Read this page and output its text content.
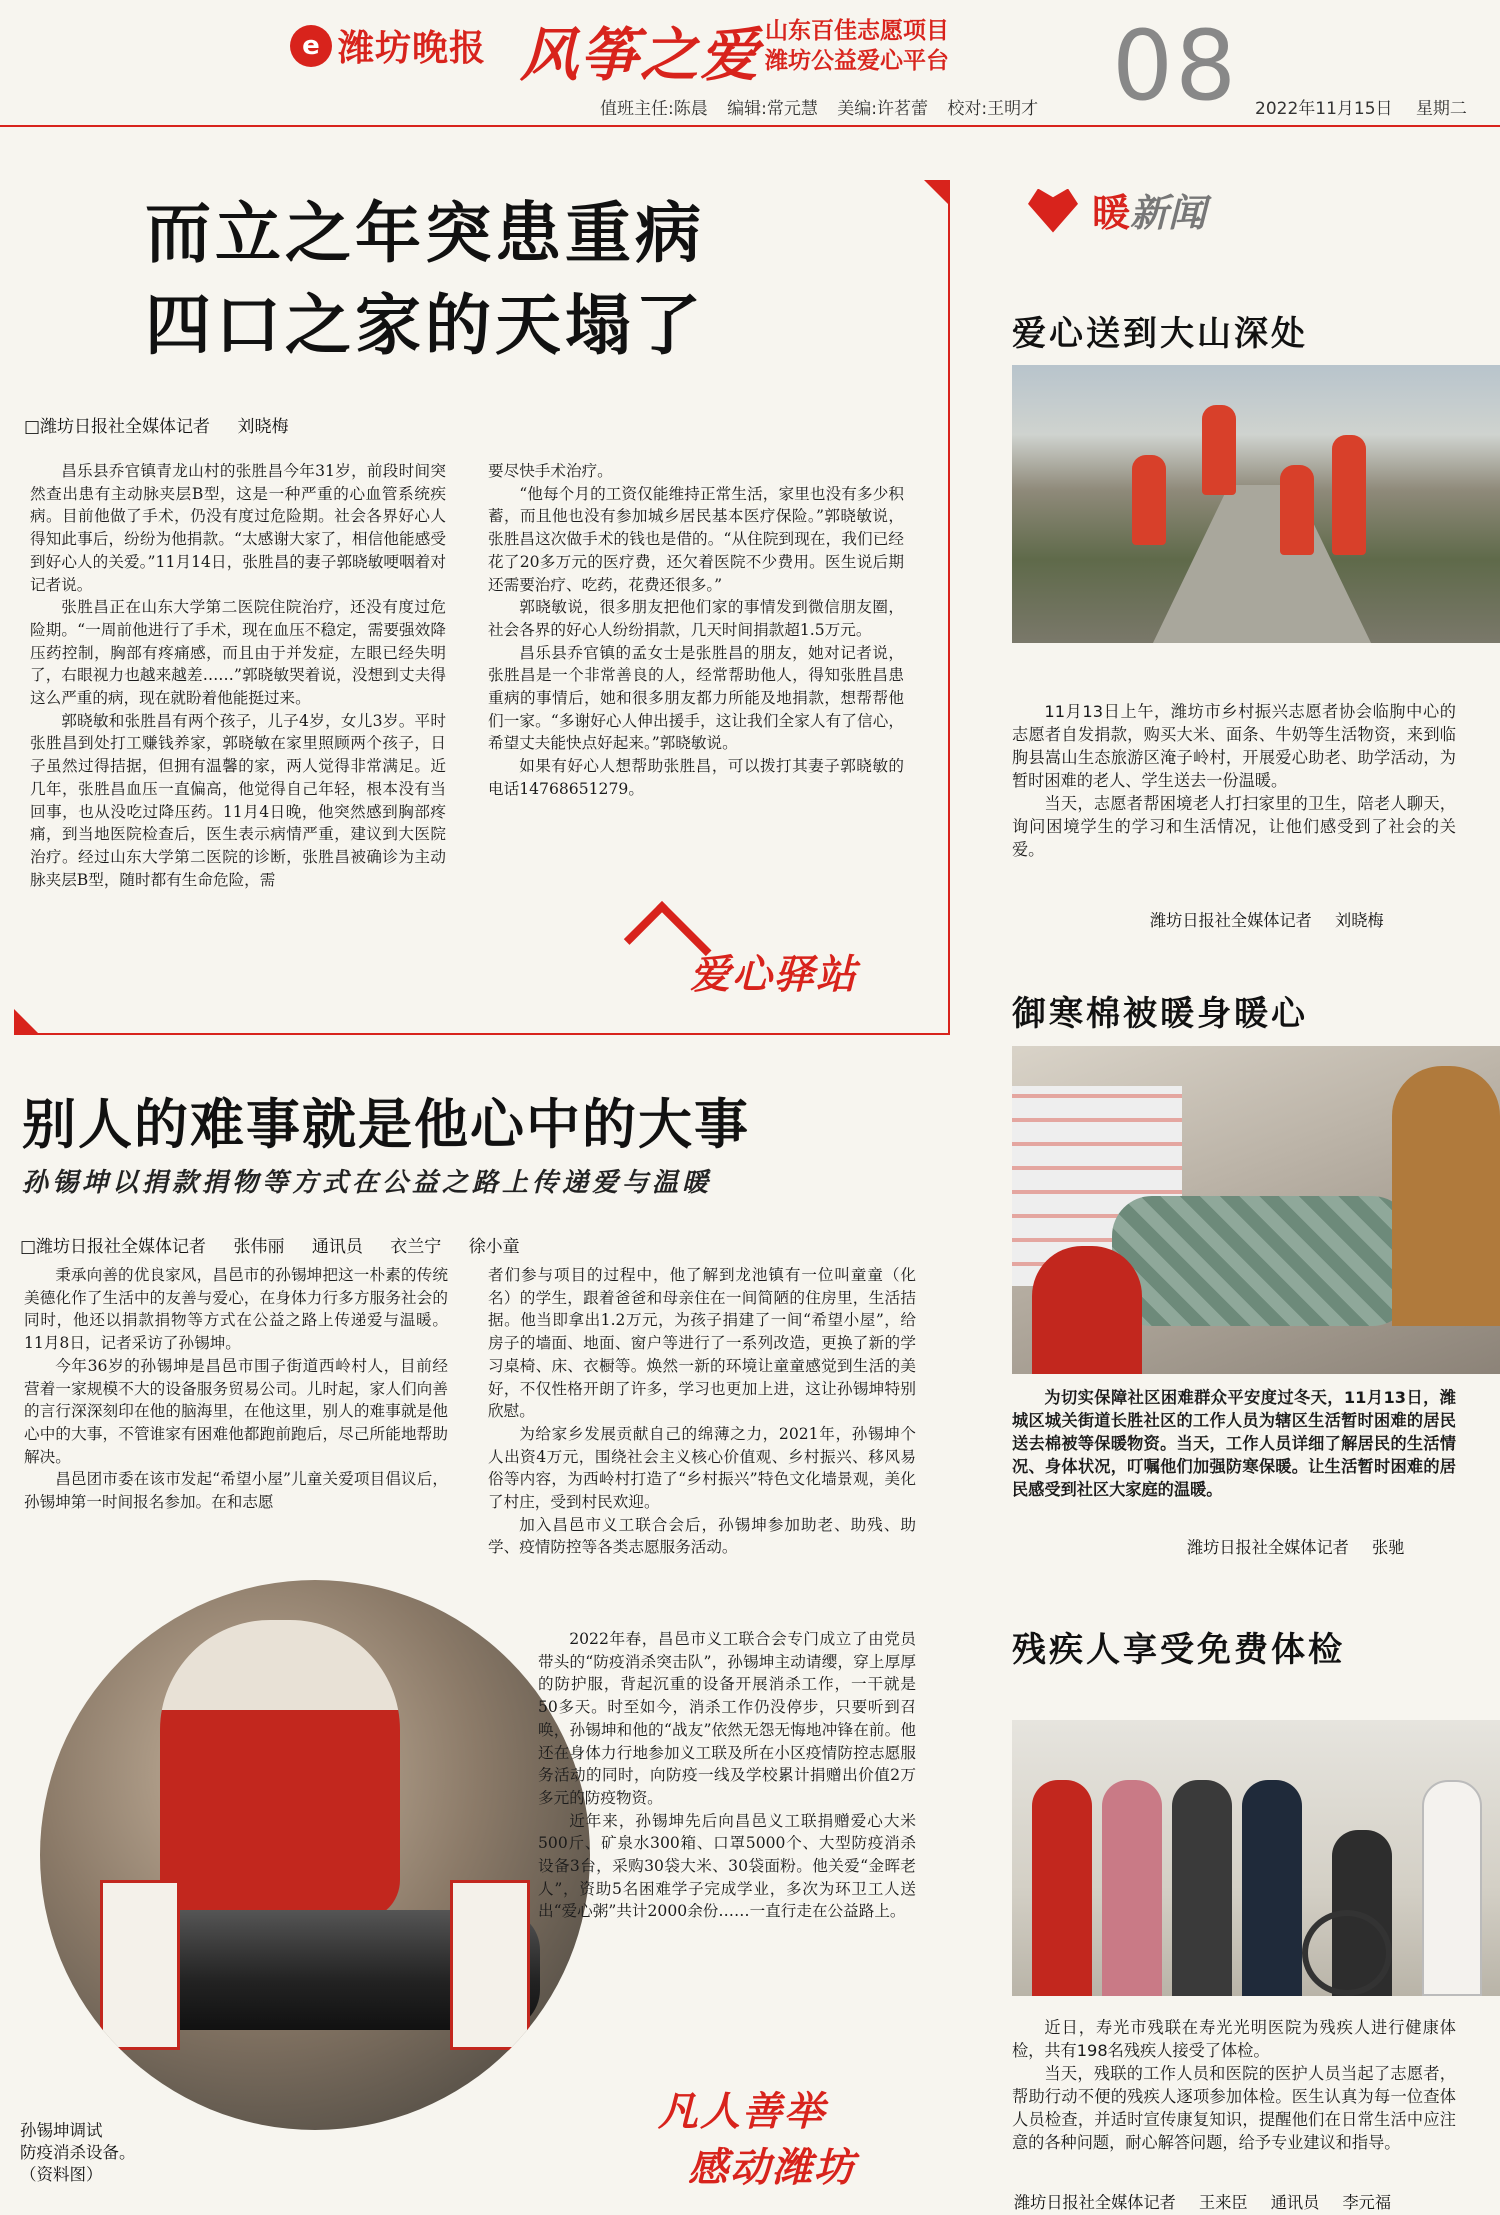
e 潍坊晚报 风筝之爱 山东百佳志愿项目
潍坊公益爱心平台 08
值班主任:陈晨 编辑:常元慧 美编:许茗蕾 校对:王明才	2022年11月15日 星期二
而立之年突患重病
四口之家的天塌了
□潍坊日报社全媒体记者 刘晓梅

昌乐县乔官镇青龙山村的张胜昌今年31岁，前段时间突然查出患有主动脉夹层B型，这是一种严重的心血管系统疾病。目前他做了手术，仍没有度过危险期。社会各界好心人得知此事后，纷纷为他捐款。“太感谢大家了，相信他能感受到好心人的关爱。”11月14日，张胜昌的妻子郭晓敏哽咽着对记者说。

张胜昌正在山东大学第二医院住院治疗，还没有度过危险期。“一周前他进行了手术，现在血压不稳定，需要强效降压药控制，胸部有疼痛感，而且由于并发症，左眼已经失明了，右眼视力也越来越差……”郭晓敏哭着说，没想到丈夫得这么严重的病，现在就盼着他能挺过来。

郭晓敏和张胜昌有两个孩子，儿子4岁，女儿3岁。平时张胜昌到处打工赚钱养家，郭晓敏在家里照顾两个孩子，日子虽然过得拮据，但拥有温馨的家，两人觉得非常满足。近几年，张胜昌血压一直偏高，他觉得自己年轻，根本没有当回事，也从没吃过降压药。11月4日晚，他突然感到胸部疼痛，到当地医院检查后，医生表示病情严重，建议到大医院治疗。经过山东大学第二医院的诊断，张胜昌被确诊为主动脉夹层B型，随时都有生命危险，需

要尽快手术治疗。

“他每个月的工资仅能维持正常生活，家里也没有多少积蓄，而且他也没有参加城乡居民基本医疗保险。”郭晓敏说，张胜昌这次做手术的钱也是借的。“从住院到现在，我们已经花了20多万元的医疗费，还欠着医院不少费用。医生说后期还需要治疗、吃药，花费还很多。”

郭晓敏说，很多朋友把他们家的事情发到微信朋友圈，社会各界的好心人纷纷捐款，几天时间捐款超1.5万元。

昌乐县乔官镇的孟女士是张胜昌的朋友，她对记者说，张胜昌是一个非常善良的人，经常帮助他人，得知张胜昌患重病的事情后，她和很多朋友都力所能及地捐款，想帮帮他们一家。“多谢好心人伸出援手，这让我们全家人有了信心，希望丈夫能快点好起来。”郭晓敏说。

如果有好心人想帮助张胜昌，可以拨打其妻子郭晓敏的电话14768651279。

爱心驿站
别人的难事就是他心中的大事
孙锡坤以捐款捐物等方式在公益之路上传递爱与温暖
□潍坊日报社全媒体记者 张伟丽 通讯员 衣兰宁 徐小童

秉承向善的优良家风，昌邑市的孙锡坤把这一朴素的传统美德化作了生活中的友善与爱心，在身体力行多方服务社会的同时，他还以捐款捐物等方式在公益之路上传递爱与温暖。11月8日，记者采访了孙锡坤。

今年36岁的孙锡坤是昌邑市围子街道西岭村人，目前经营着一家规模不大的设备服务贸易公司。儿时起，家人们向善的言行深深刻印在他的脑海里，在他这里，别人的难事就是他心中的大事，不管谁家有困难他都跑前跑后，尽己所能地帮助解决。

昌邑团市委在该市发起“希望小屋”儿童关爱项目倡议后，孙锡坤第一时间报名参加。在和志愿

者们参与项目的过程中，他了解到龙池镇有一位叫童童（化名）的学生，跟着爸爸和母亲住在一间简陋的住房里，生活拮据。他当即拿出1.2万元，为孩子捐建了一间“希望小屋”，给房子的墙面、地面、窗户等进行了一系列改造，更换了新的学习桌椅、床、衣橱等。焕然一新的环境让童童感觉到生活的美好，不仅性格开朗了许多，学习也更加上进，这让孙锡坤特别欣慰。

为给家乡发展贡献自己的绵薄之力，2021年，孙锡坤个人出资4万元，围绕社会主义核心价值观、乡村振兴、移风易俗等内容，为西岭村打造了“乡村振兴”特色文化墙景观，美化了村庄，受到村民欢迎。

加入昌邑市义工联合会后，孙锡坤参加助老、助残、助学、疫情防控等各类志愿服务活动。

2022年春，昌邑市义工联合会专门成立了由党员带头的“防疫消杀突击队”，孙锡坤主动请缨，穿上厚厚的防护服，背起沉重的设备开展消杀工作，一干就是50多天。时至如今，消杀工作仍没停步，只要听到召唤，孙锡坤和他的“战友”依然无怨无悔地冲锋在前。他还在身体力行地参加义工联及所在小区疫情防控志愿服务活动的同时，向防疫一线及学校累计捐赠出价值2万多元的防疫物资。

近年来，孙锡坤先后向昌邑义工联捐赠爱心大米500斤、矿泉水300箱、口罩5000个、大型防疫消杀设备3台，采购30袋大米、30袋面粉。他关爱“金晖老人”，资助5名困难学子完成学业，多次为环卫工人送出“爱心粥”共计2000余份……一直行走在公益路上。

孙锡坤调试
防疫消杀设备。
（资料图）
凡人善举
感动潍坊
暖 新闻
爱心送到大山深处

11月13日上午，潍坊市乡村振兴志愿者协会临朐中心的志愿者自发捐款，购买大米、面条、牛奶等生活物资，来到临朐县嵩山生态旅游区淹子岭村，开展爱心助老、助学活动，为暂时困难的老人、学生送去一份温暖。

当天，志愿者帮困境老人打扫家里的卫生，陪老人聊天，询问困境学生的学习和生活情况，让他们感受到了社会的关爱。

潍坊日报社全媒体记者 刘晓梅
御寒棉被暖身暖心

为切实保障社区困难群众平安度过冬天，11月13日，潍城区城关街道长胜社区的工作人员为辖区生活暂时困难的居民送去棉被等保暖物资。当天，工作人员详细了解居民的生活情况、身体状况，叮嘱他们加强防寒保暖。让生活暂时困难的居民感受到社区大家庭的温暖。

潍坊日报社全媒体记者 张驰
残疾人享受免费体检

近日，寿光市残联在寿光光明医院为残疾人进行健康体检，共有198名残疾人接受了体检。

当天，残联的工作人员和医院的医护人员当起了志愿者，帮助行动不便的残疾人逐项参加体检。医生认真为每一位查体人员检查，并适时宣传康复知识，提醒他们在日常生活中应注意的各种问题，耐心解答问题，给予专业建议和指导。

潍坊日报社全媒体记者 王来臣 通讯员 李元福
